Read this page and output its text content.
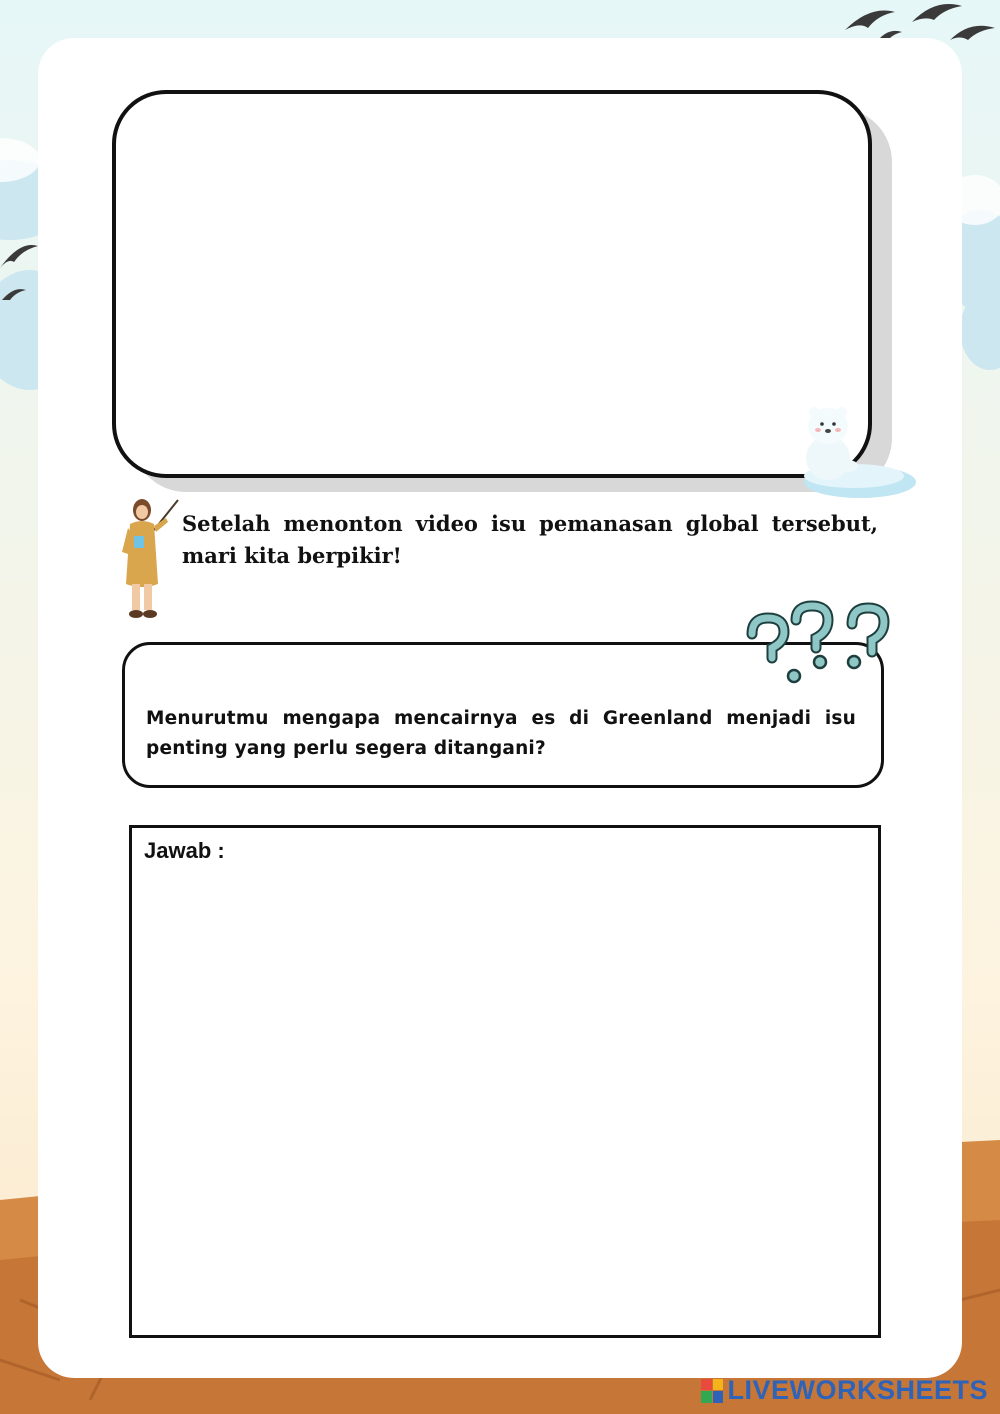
Setelah menonton video isu pemanasan global tersebut, mari kita berpikir!
Menurutmu mengapa mencairnya es di Greenland menjadi isu penting yang perlu segera ditangani?
Jawab :
LIVEWORKSHEETS
